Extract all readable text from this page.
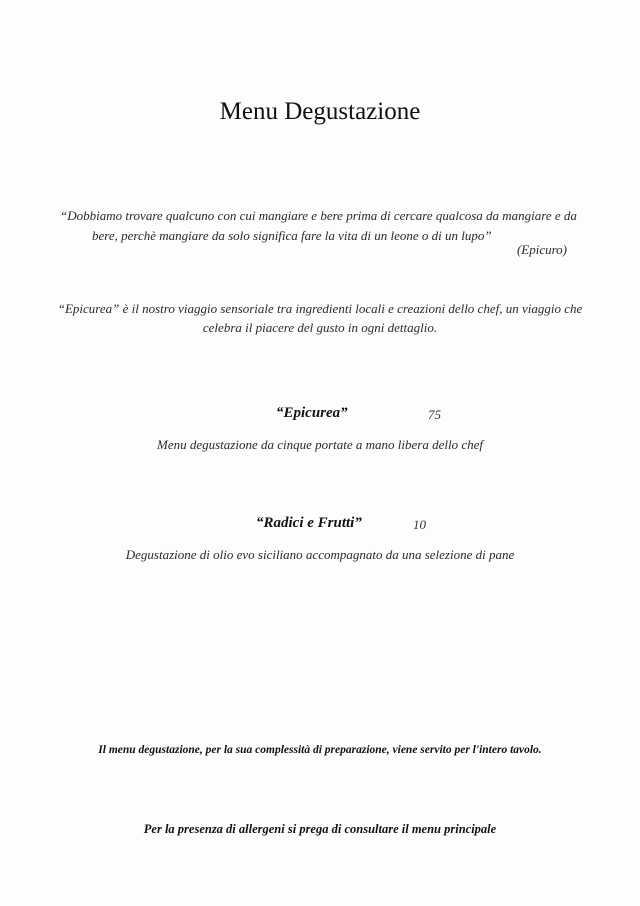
Menu Degustazione
“Dobbiamo trovare qualcuno con cui mangiare e bere prima di cercare qualcosa da mangiare e da
bere, perchè mangiare da solo significa fare la vita di un leone o di un lupo”
(Epicuro)
“Epicurea” è il nostro viaggio sensoriale tra ingredienti locali e creazioni dello chef, un viaggio che
celebra il piacere del gusto in ogni dettaglio.
“Epicurea”	75
Menu degustazione da cinque portate a mano libera dello chef
“Radici e Frutti”	10
Degustazione di olio evo siciliano accompagnato da una selezione di pane
Il menu degustazione, per la sua complessità di preparazione, viene servito per l'intero tavolo.
Per la presenza di allergeni si prega di consultare il menu principale
